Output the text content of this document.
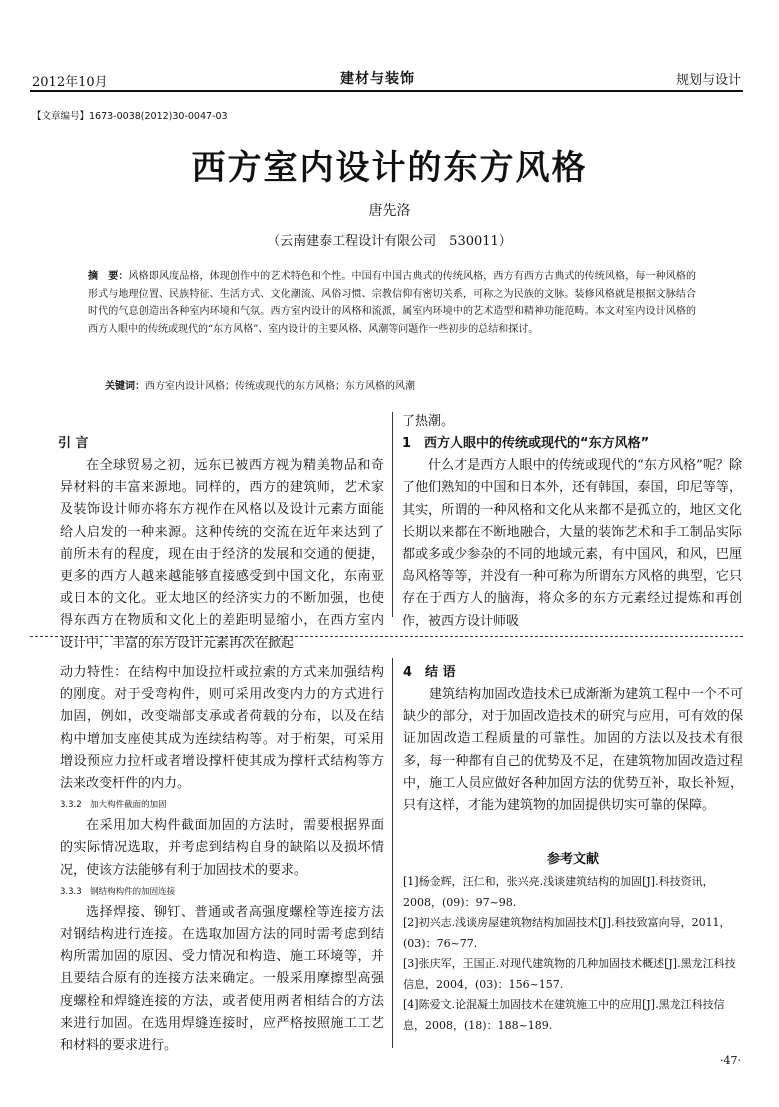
2012年10月	建材与装饰	规划与设计
【文章编号】1673-0038(2012)30-0047-03
西方室内设计的东方风格
唐先洛
（云南建泰工程设计有限公司　530011）
摘　要：风格即风度品格，体现创作中的艺术特色和个性。中国有中国古典式的传统风格，西方有西方古典式的传统风格，每一种风格的形式与地理位置、民族特征、生活方式、文化潮流、风俗习惯、宗教信仰有密切关系，可称之为民族的文脉。装修风格就是根据文脉结合时代的气息创造出各种室内环境和气氛。西方室内设计的风格和流派，属室内环境中的艺术造型和精神功能范畴。本文对室内设计风格的西方人眼中的传统或现代的“东方风格”、室内设计的主要风格、风潮等问题作一些初步的总结和探讨。
关键词：西方室内设计风格；传统或现代的东方风格；东方风格的风潮
引 言

在全球贸易之初，远东已被西方视为精美物品和奇异材料的丰富来源地。同样的，西方的建筑师，艺术家及装饰设计师亦将东方视作在风格以及设计元素方面能给人启发的一种来源。这种传统的交流在近年来达到了前所未有的程度，现在由于经济的发展和交通的便捷，更多的西方人越来越能够直接感受到中国文化，东南亚或日本的文化。亚太地区的经济实力的不断加强，也使得东西方在物质和文化上的差距明显缩小，在西方室内设计中，丰富的东方设计元素再次在掀起

了热潮。
1　西方人眼中的传统或现代的“东方风格”

什么才是西方人眼中的传统或现代的“东方风格”呢？除了他们熟知的中国和日本外，还有韩国，泰国，印尼等等，其实，所谓的一种风格和文化从来都不是孤立的，地区文化长期以来都在不断地融合，大量的装饰艺术和手工制品实际都或多或少参杂的不同的地域元素，有中国风，和风，巴厘岛风格等等，并没有一种可称为所谓东方风格的典型，它只存在于西方人的脑海，将众多的东方元素经过提炼和再创作，被西方设计师吸

动力特性：在结构中加设拉杆或拉索的方式来加强结构的刚度。对于受弯构件，则可采用改变内力的方式进行加固，例如，改变端部支承或者荷载的分布，以及在结构中增加支座使其成为连续结构等。对于桁架，可采用增设预应力拉杆或者增设撑杆使其成为撑杆式结构等方法来改变杆件的内力。
3.3.2　加大构件截面的加固

在采用加大构件截面加固的方法时，需要根据界面的实际情况选取，并考虑到结构自身的缺陷以及损坏情况，使该方法能够有利于加固技术的要求。

3.3.3　钢结构构件的加固连接

选择焊接、铆钉、普通或者高强度螺栓等连接方法对钢结构进行连接。在选取加固方法的同时需考虑到结构所需加固的原因、受力情况和构造、施工环境等，并且要结合原有的连接方法来确定。一般采用摩擦型高强度螺栓和焊缝连接的方法，或者使用两者相结合的方法来进行加固。在选用焊缝连接时，应严格按照施工工艺和材料的要求进行。

4　结 语

建筑结构加固改造技术已成渐渐为建筑工程中一个不可缺少的部分，对于加固改造技术的研究与应用，可有效的保证加固改造工程质量的可靠性。加固的方法以及技术有很多，每一种都有自己的优势及不足，在建筑物加固改造过程中，施工人员应做好各种加固方法的优势互补，取长补短，只有这样，才能为建筑物的加固提供切实可靠的保障。

参考文献
[1]杨金辉，汪仁和，张兴亮.浅谈建筑结构的加固[J].科技资讯，2008，(09)：97~98.
[2]初兴志.浅谈房屋建筑物结构加固技术[J].科技致富向导，2011，(03)：76~77.
[3]张庆军，王国正.对现代建筑物的几种加固技术概述[J].黑龙江科技信息，2004，(03)：156~157.
[4]陈爱文.论混凝土加固技术在建筑施工中的应用[J].黑龙江科技信息，2008，(18)：188~189.
·47·
